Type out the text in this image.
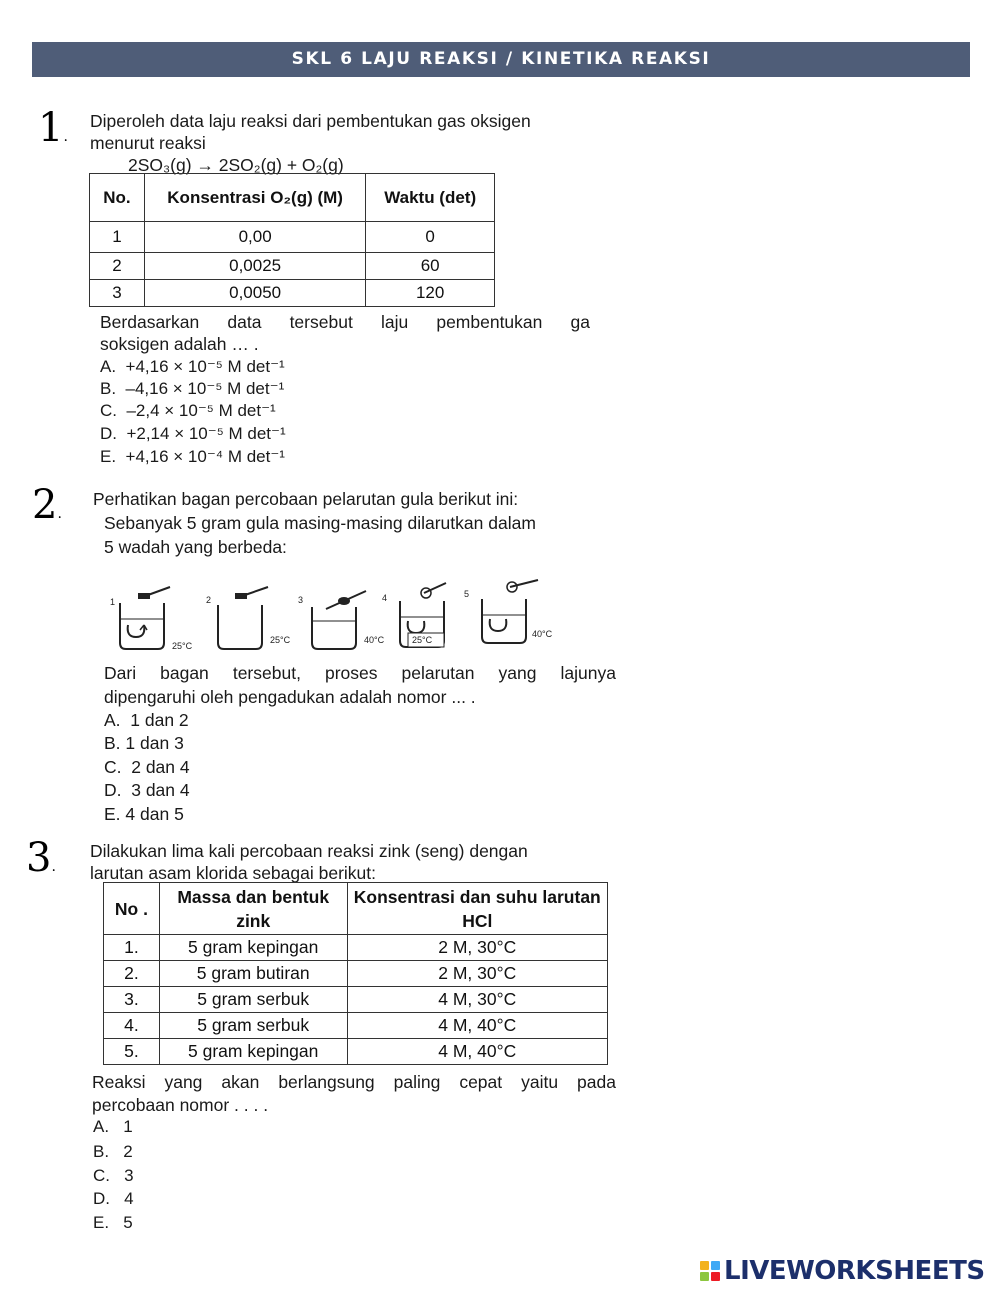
SKL 6 LAJU REAKSI / KINETIKA REAKSI
1.
Diperoleh data laju reaksi dari pembentukan gas oksigen
menurut reaksi
2SO₃(g) → 2SO₂(g) + O₂(g)
No.	Konsentrasi O₂(g) (M)	Waktu (det)
1	0,00	0
2	0,0025	60
3	0,0050	120
Berdasarkan data tersebut laju pembentukan ga
soksigen adalah … .
A. +4,16 × 10⁻⁵ M det⁻¹
B. –4,16 × 10⁻⁵ M det⁻¹
C. –2,4 × 10⁻⁵ M det⁻¹
D. +2,14 × 10⁻⁵ M det⁻¹
E. +4,16 × 10⁻⁴ M det⁻¹
2.
Perhatikan bagan percobaan pelarutan gula berikut ini:
Sebanyak 5 gram gula masing-masing dilarutkan dalam
5 wadah yang berbeda:
1
25°C
2
25°C
3
40°C
4
25°C
5
40°C
Dari bagan tersebut, proses pelarutan yang lajunya
dipengaruhi oleh pengadukan adalah nomor ... .
A. 1 dan 2
B. 1 dan 3
C. 2 dan 4
D. 3 dan 4
E. 4 dan 5
3.
Dilakukan lima kali percobaan reaksi zink (seng) dengan
larutan asam klorida sebagai berikut:
No .	Massa dan bentuk zink	Konsentrasi dan suhu larutan HCl
1.	5 gram kepingan	2 M, 30°C
2.	5 gram butiran	2 M, 30°C
3.	5 gram serbuk	4 M, 30°C
4.	5 gram serbuk	4 M, 40°C
5.	5 gram kepingan	4 M, 40°C
Reaksi yang akan berlangsung paling cepat yaitu pada
percobaan nomor . . . .
A. 1
B. 2
C. 3
D. 4
E. 5
LIVEWORKSHEETS
